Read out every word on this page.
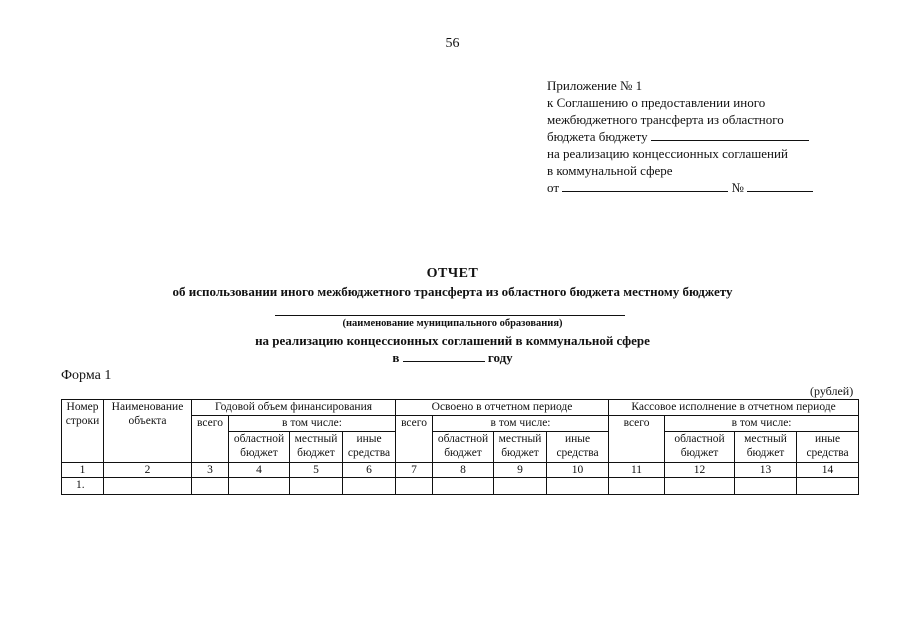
56
Приложение № 1
к Соглашению о предоставлении иного
межбюджетного трансферта из областного
бюджета бюджету
на реализацию концессионных соглашений
в коммунальной сфере
от	№
ОТЧЕТ
об использовании иного межбюджетного трансферта из областного бюджета местному бюджету
(наименование муниципального образования)
на реализацию концессионных соглашений в коммунальной сфере
в	году
Форма 1
(рублей)
Номер строки	Наименование объекта	Годовой объем финансирования				Освоено в отчетном периоде				Кассовое исполнение в отчетном периоде			
		всего	в том числе:			всего	в том числе:			всего	в том числе:		
			областной бюджет	местный бюджет	иные средства		областной бюджет	местный бюджет	иные средства		областной бюджет	местный бюджет	иные средства
1	2	3	4	5	6	7	8	9	10	11	12	13	14
1.													
